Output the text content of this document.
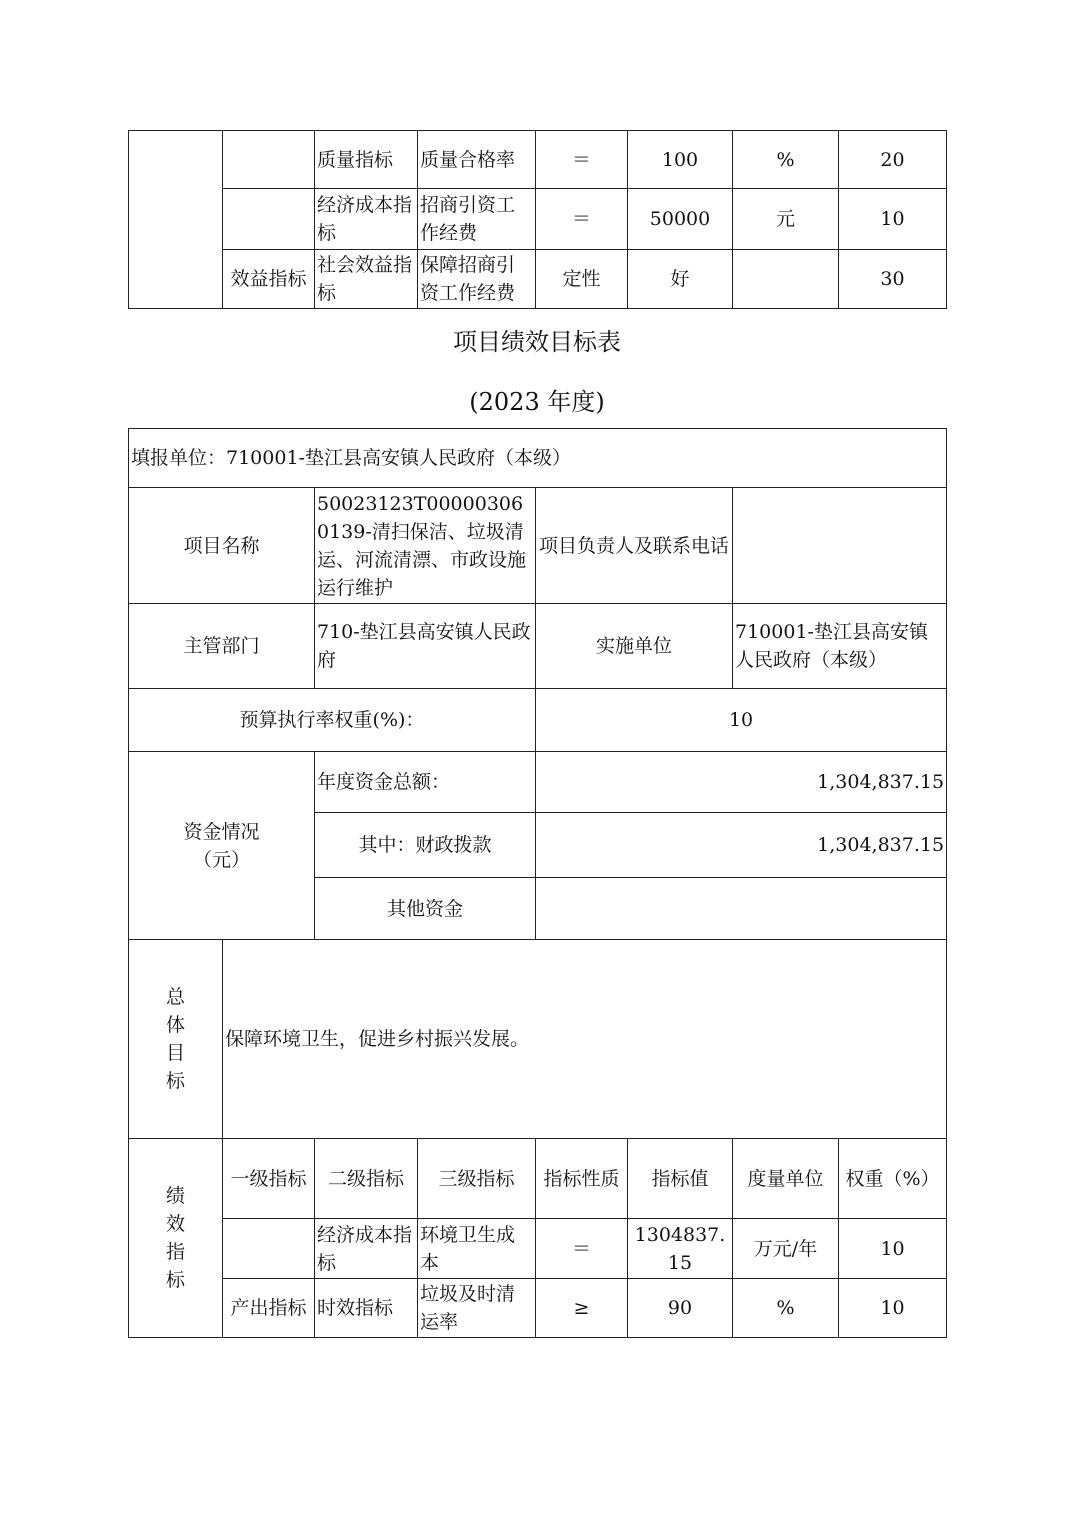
		质量指标	质量合格率	＝	100	%	20
		经济成本指标	招商引资工作经费	＝	50000	元	10
	效益指标	社会效益指标	保障招商引资工作经费	定性	好		30
项目绩效目标表
(2023 年度)
填报单位：710001-垫江县高安镇人民政府（本级）							
项目名称		50023123T000003060139-清扫保洁、垃圾清运、河流清漂、市政设施运行维护		项目负责人及联系电话			
主管部门		710-垫江县高安镇人民政府		实施单位		710001-垫江县高安镇人民政府（本级）	
预算执行率权重(%)：				10			
资金情况（元）		年度资金总额：		1,304,837.15			
		其中：财政拨款		1,304,837.15			
		其他资金					
总体目标	保障环境卫生，促进乡村振兴发展。						
绩效指标	一级指标	二级指标	三级指标	指标性质	指标值	度量单位	权重（%）
		经济成本指标	环境卫生成本	＝	1304837.15	万元/年	10
	产出指标	时效指标	垃圾及时清运率	≥	90	%	10
